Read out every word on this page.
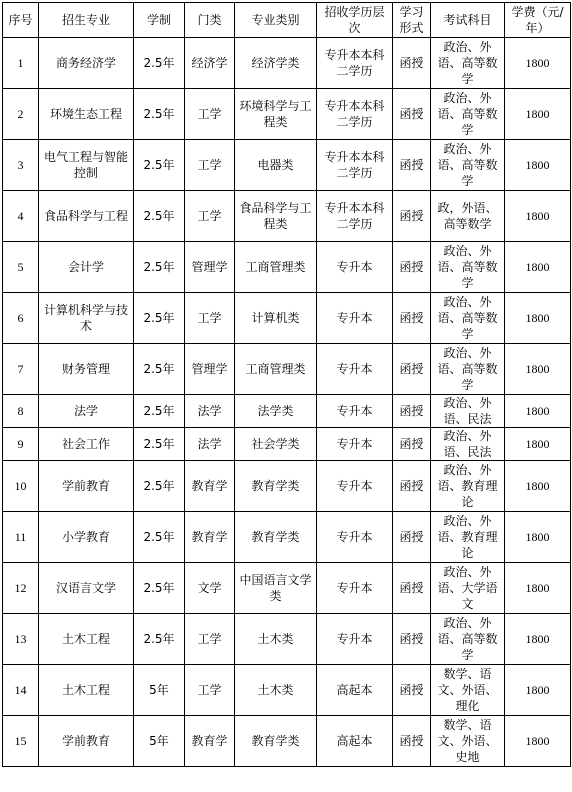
序号	招生专业	学制	门类	专业类别	招收学历层次	学习形式	考试科目	学费（元/年）
1	商务经济学	2.5年	经济学	经济学类	专升本本科二学历	函授	政治、外语、高等数学	1800
2	环境生态工程	2.5年	工学	环境科学与工程类	专升本本科二学历	函授	政治、外语、高等数学	1800
3	电气工程与智能控制	2.5年	工学	电器类	专升本本科二学历	函授	政治、外语、高等数学	1800
4	食品科学与工程	2.5年	工学	食品科学与工程类	专升本本科二学历	函授	政，外语、高等数学	1800
5	会计学	2.5年	管理学	工商管理类	专升本	函授	政治、外语、高等数学	1800
6	计算机科学与技术	2.5年	工学	计算机类	专升本	函授	政治、外语、高等数学	1800
7	财务管理	2.5年	管理学	工商管理类	专升本	函授	政治、外语、高等数学	1800
8	法学	2.5年	法学	法学类	专升本	函授	政治、外语、民法	1800
9	社会工作	2.5年	法学	社会学类	专升本	函授	政治、外语、民法	1800
10	学前教育	2.5年	教育学	教育学类	专升本	函授	政治、外语、教育理论	1800
11	小学教育	2.5年	教育学	教育学类	专升本	函授	政治、外语、教育理论	1800
12	汉语言文学	2.5年	文学	中国语言文学类	专升本	函授	政治、外语、大学语文	1800
13	土木工程	2.5年	工学	土木类	专升本	函授	政治、外语、高等数学	1800
14	土木工程	5年	工学	土木类	高起本	函授	数学、语文、外语、理化	1800
15	学前教育	5年	教育学	教育学类	高起本	函授	数学、语文、外语、史地	1800
